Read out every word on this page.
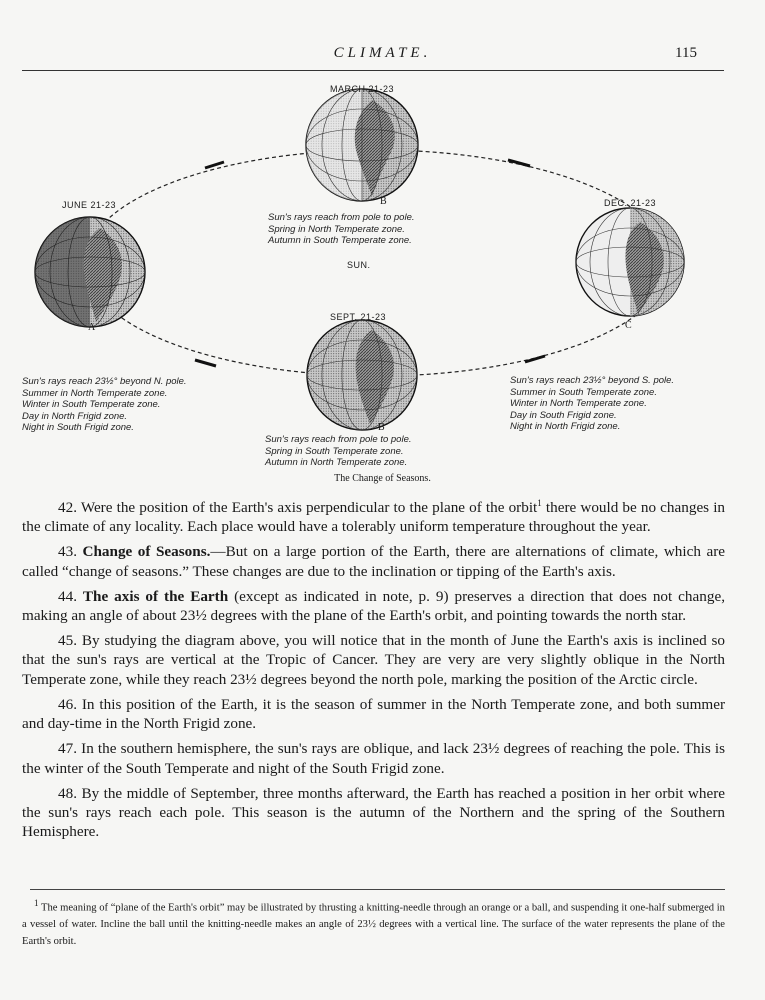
CLIMATE.	115
MARCH 21-23
JUNE 21-23	DEC. 21-23
SEPT. 21-23
SUN.
B
A	C
B
Sun's rays reach from pole to pole.
Spring in North Temperate zone.
Autumn in South Temperate zone.
Sun's rays reach 23½° beyond N. pole.
Summer in North Temperate zone.
Winter in South Temperate zone.
Day in North Frigid zone.
Night in South Frigid zone.
Sun's rays reach 23½° beyond S. pole.
Summer in South Temperate zone.
Winter in North Temperate zone.
Day in South Frigid zone.
Night in North Frigid zone.
Sun's rays reach from pole to pole.
Spring in South Temperate zone.
Autumn in North Temperate zone.
The Change of Seasons.

42. Were the position of the Earth's axis perpendicular to the plane of the orbit$^1$ there would be no changes in the climate of any locality. Each place would have a tolerably uniform temperature throughout the year.

43. Change of Seasons.—But on a large portion of the Earth, there are alternations of climate, which are called “change of seasons.” These changes are due to the inclination or tipping of the Earth's axis.

44. The axis of the Earth (except as indicated in note, p. 9) preserves a direction that does not change, making an angle of about 23½ degrees with the plane of the Earth's orbit, and pointing towards the north star.

45. By studying the diagram above, you will notice that in the month of June the Earth's axis is inclined so that the sun's rays are vertical at the Tropic of Cancer. They are very are very slightly oblique in the North Temperate zone, while they reach 23½ degrees beyond the north pole, marking the position of the Arctic circle.

46. In this position of the Earth, it is the season of summer in the North Temperate zone, and both summer and day-time in the North Frigid zone.

47. In the southern hemisphere, the sun's rays are oblique, and lack 23½ degrees of reaching the pole. This is the winter of the South Temperate and night of the South Frigid zone.

48. By the middle of September, three months afterward, the Earth has reached a position in her orbit where the sun's rays reach each pole. This season is the autumn of the Northern and the spring of the Southern Hemisphere.

$^1$ The meaning of “plane of the Earth's orbit” may be illustrated by thrusting a knitting-needle through an orange or a ball, and suspending it one-half submerged in a vessel of water. Incline the ball until the knitting-needle makes an angle of 23½ degrees with a vertical line. The surface of the water represents the plane of the Earth's orbit.
